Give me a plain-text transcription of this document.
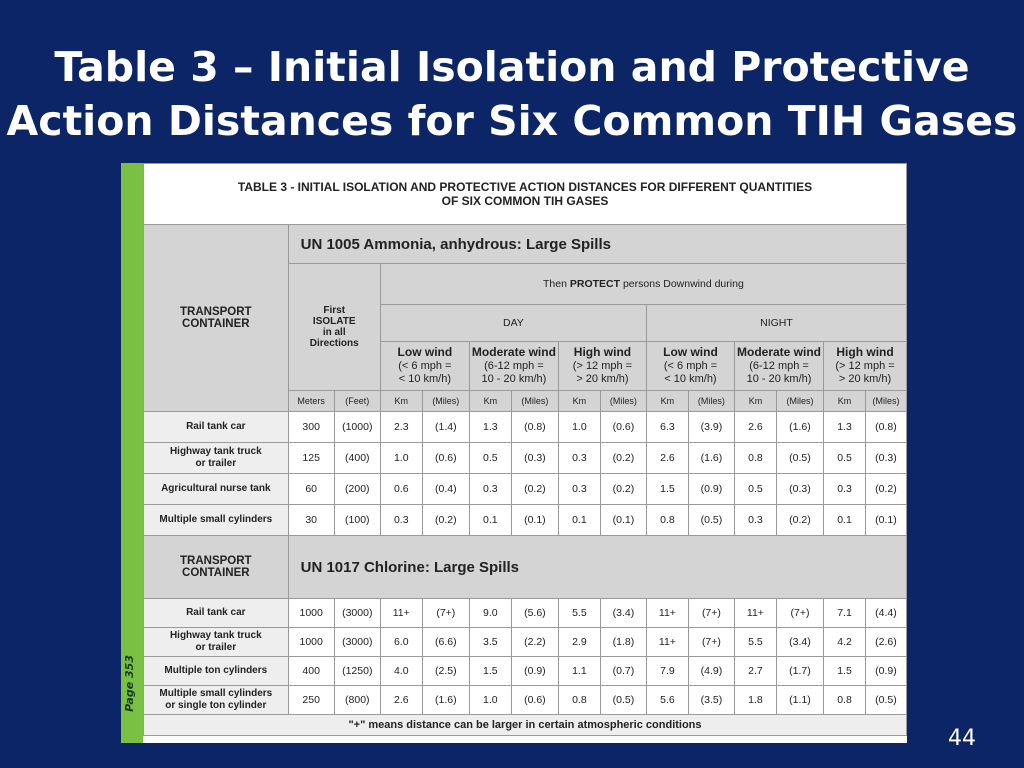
Table 3 – Initial Isolation and Protective
Action Distances for Six Common TIH Gases
TABLE 3 - INITIAL ISOLATION AND PROTECTIVE ACTION DISTANCES FOR DIFFERENT QUANTITIES
OF SIX COMMON TIH GASES														
TRANSPORT
CONTAINER	UN 1005 Ammonia, anhydrous: Large Spills													
	First
ISOLATE
in all
Directions		Then PROTECT persons Downwind during											
			DAY						NIGHT					
			Low wind
(< 6 mph =
< 10 km/h)		Moderate wind
(6-12 mph =
10 - 20 km/h)		High wind
(> 12 mph =
> 20 km/h)		Low wind
(< 6 mph =
< 10 km/h)		Moderate wind
(6-12 mph =
10 - 20 km/h)		High wind
(> 12 mph =
> 20 km/h)	
	Meters	(Feet)	Km	(Miles)	Km	(Miles)	Km	(Miles)	Km	(Miles)	Km	(Miles)	Km	(Miles)
Rail tank car	300	(1000)	2.3	(1.4)	1.3	(0.8)	1.0	(0.6)	6.3	(3.9)	2.6	(1.6)	1.3	(0.8)
Highway tank truck
or trailer	125	(400)	1.0	(0.6)	0.5	(0.3)	0.3	(0.2)	2.6	(1.6)	0.8	(0.5)	0.5	(0.3)
Agricultural nurse tank	60	(200)	0.6	(0.4)	0.3	(0.2)	0.3	(0.2)	1.5	(0.9)	0.5	(0.3)	0.3	(0.2)
Multiple small cylinders	30	(100)	0.3	(0.2)	0.1	(0.1)	0.1	(0.1)	0.8	(0.5)	0.3	(0.2)	0.1	(0.1)
TRANSPORT
CONTAINER	UN 1017 Chlorine: Large Spills													
Rail tank car	1000	(3000)	11+	(7+)	9.0	(5.6)	5.5	(3.4)	11+	(7+)	11+	(7+)	7.1	(4.4)
Highway tank truck
or trailer	1000	(3000)	6.0	(6.6)	3.5	(2.2)	2.9	(1.8)	11+	(7+)	5.5	(3.4)	4.2	(2.6)
Multiple ton cylinders	400	(1250)	4.0	(2.5)	1.5	(0.9)	1.1	(0.7)	7.9	(4.9)	2.7	(1.7)	1.5	(0.9)
Multiple small cylinders
or single ton cylinder	250	(800)	2.6	(1.6)	1.0	(0.6)	0.8	(0.5)	5.6	(3.5)	1.8	(1.1)	0.8	(0.5)
"+" means distance can be larger in certain atmospheric conditions														
44
Page 353
